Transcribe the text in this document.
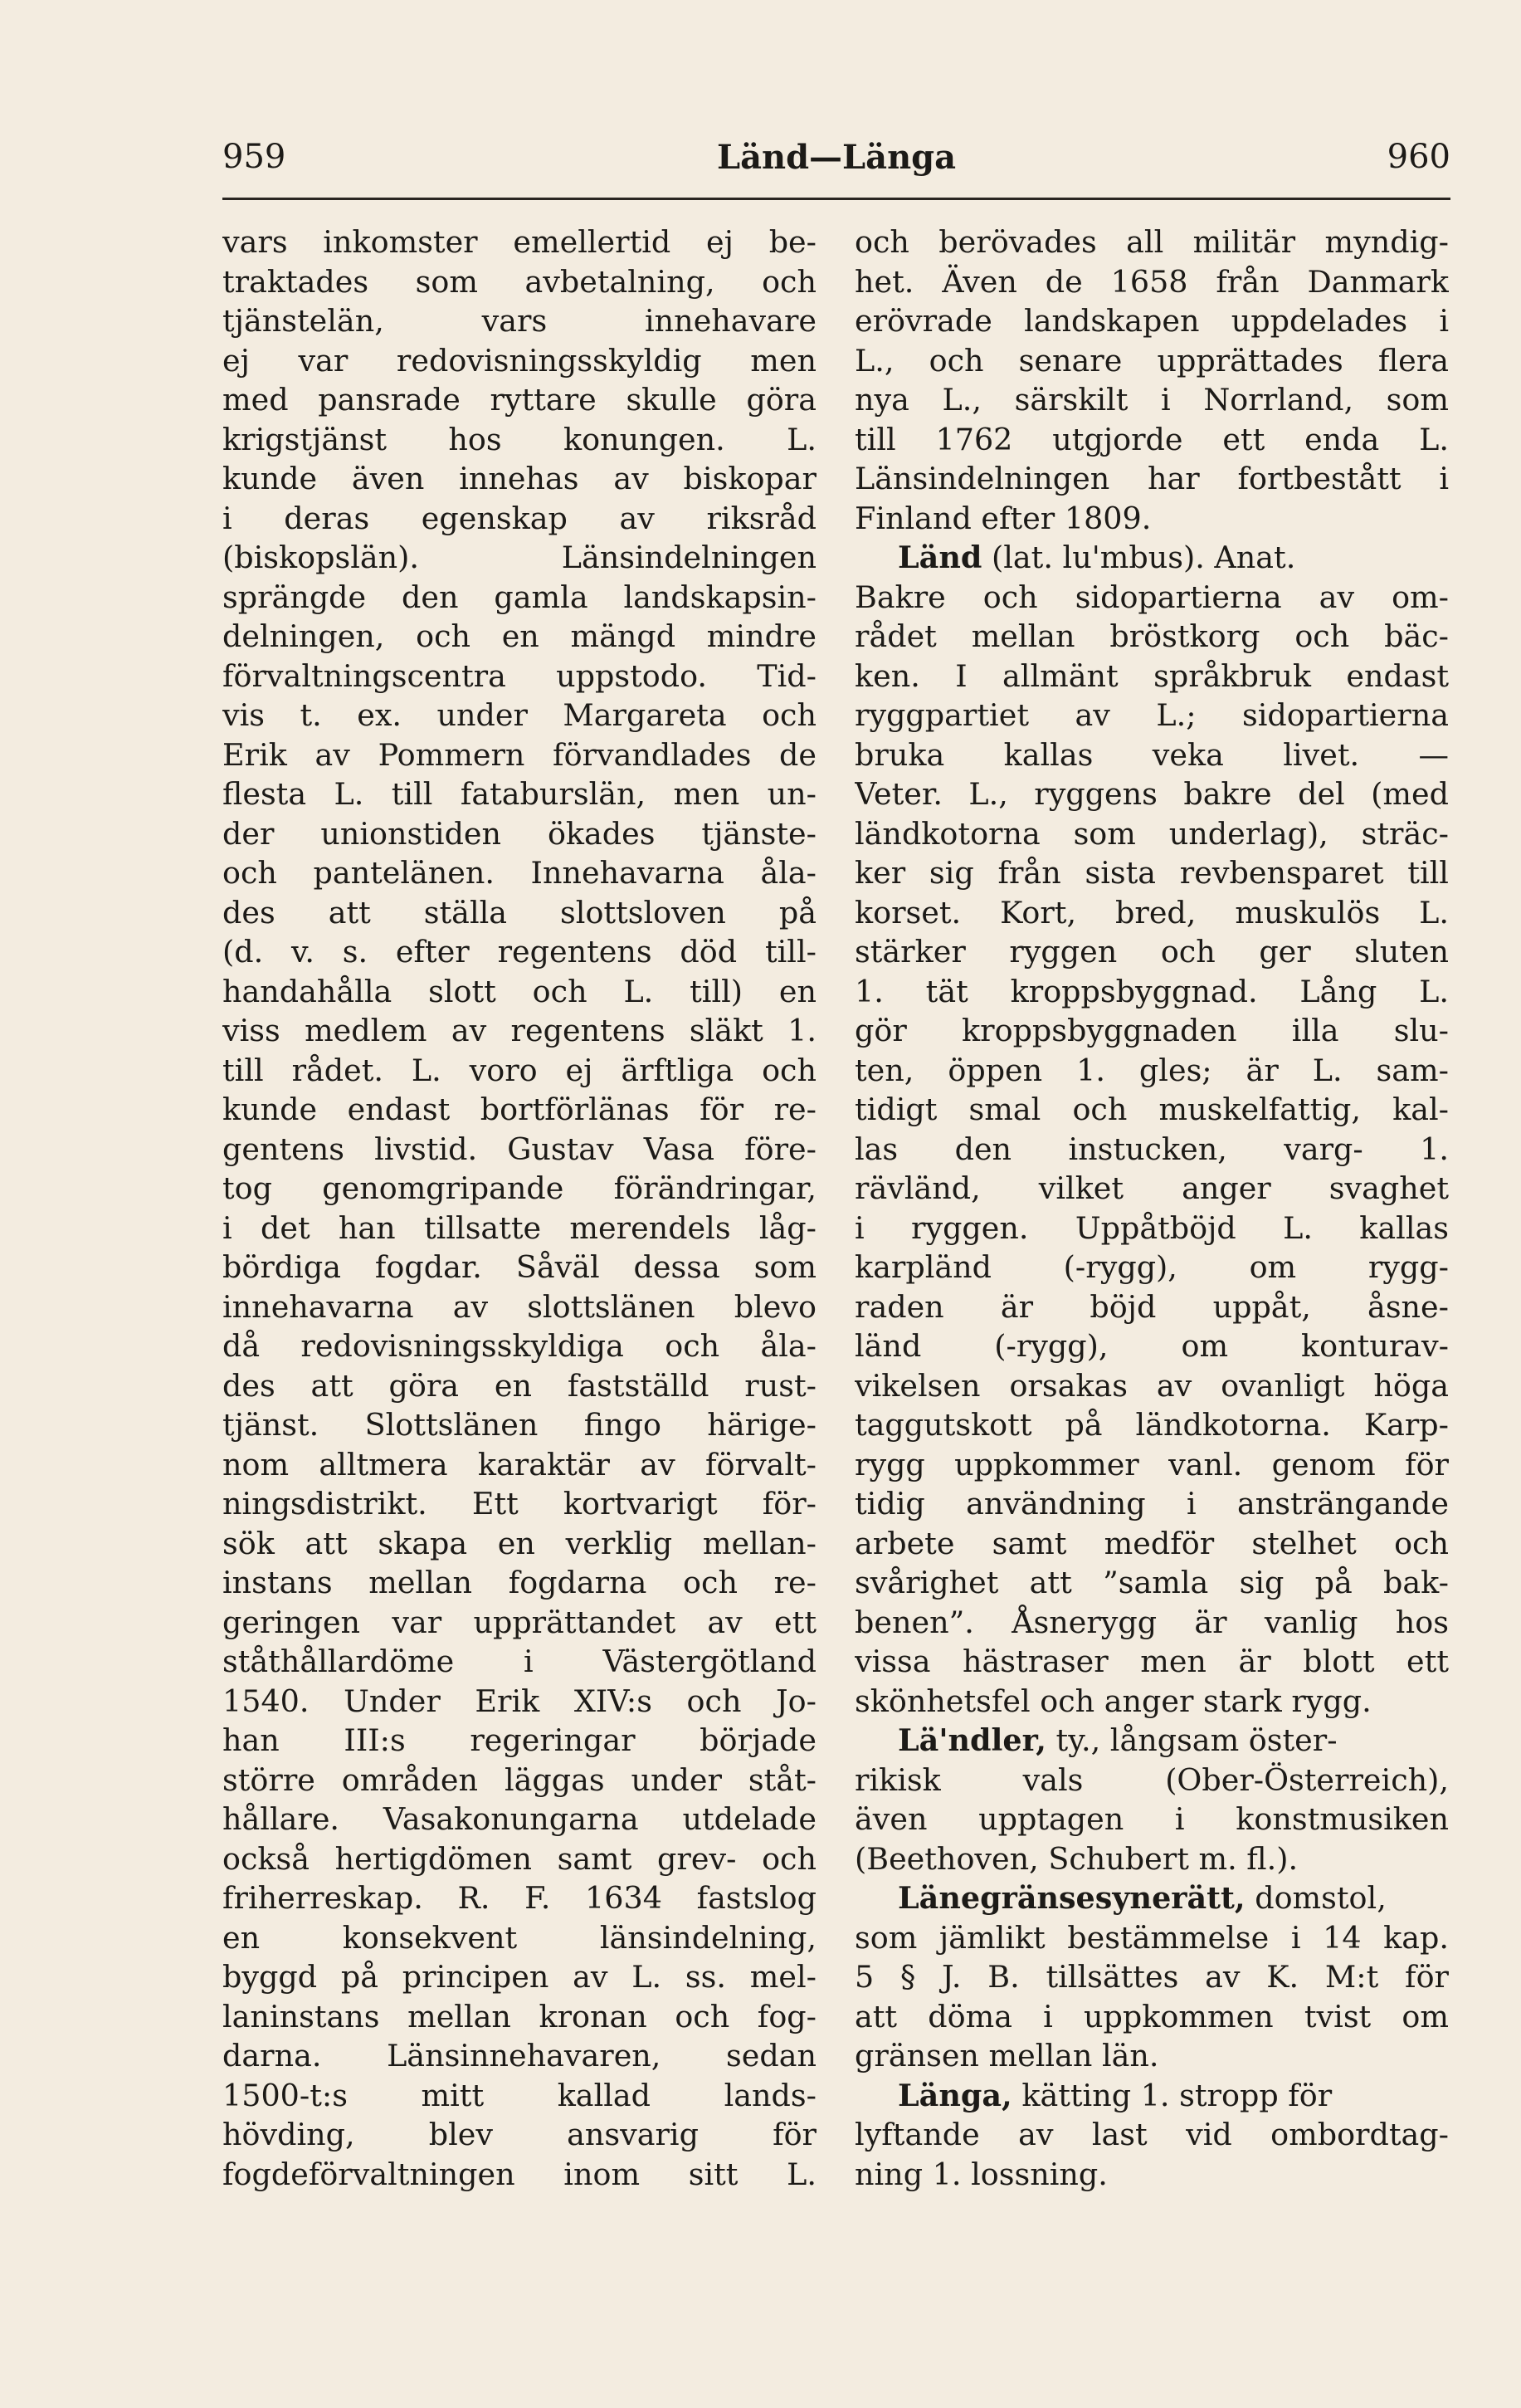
959	Länd—Länga	960
vars inkomster emellertid ej be-
traktades som avbetalning, och
tjänstelän, vars innehavare
ej var redovisningsskyldig men
med pansrade ryttare skulle göra
krigstjänst hos konungen. L.
kunde även innehas av biskopar
i deras egenskap av riksråd
(biskopslän). Länsindelningen
sprängde den gamla landskapsin-
delningen, och en mängd mindre
förvaltningscentra uppstodo. Tid-
vis t. ex. under Margareta och
Erik av Pommern förvandlades de
flesta L. till fataburslän, men un-
der unionstiden ökades tjänste-
och pantelänen. Innehavarna åla-
des att ställa slottsloven på
(d. v. s. efter regentens död till-
handahålla slott och L. till) en
viss medlem av regentens släkt 1.
till rådet. L. voro ej ärftliga och
kunde endast bortförlänas för re-
gentens livstid. Gustav Vasa före-
tog genomgripande förändringar,
i det han tillsatte merendels låg-
bördiga fogdar. Såväl dessa som
innehavarna av slottslänen blevo
då redovisningsskyldiga och åla-
des att göra en fastställd rust-
tjänst. Slottslänen fingo härige-
nom alltmera karaktär av förvalt-
ningsdistrikt. Ett kortvarigt för-
sök att skapa en verklig mellan-
instans mellan fogdarna och re-
geringen var upprättandet av ett
ståthållardöme i Västergötland
1540. Under Erik XIV:s och Jo-
han III:s regeringar började
större områden läggas under ståt-
hållare. Vasakonungarna utdelade
också hertigdömen samt grev- och
friherreskap. R. F. 1634 fastslog
en konsekvent länsindelning,
byggd på principen av L. ss. mel-
laninstans mellan kronan och fog-
darna. Länsinnehavaren, sedan
1500-t:s mitt kallad lands-
hövding, blev ansvarig för
fogdeförvaltningen inom sitt L.
och berövades all militär myndig-
het. Även de 1658 från Danmark
erövrade landskapen uppdelades i
L., och senare upprättades flera
nya L., särskilt i Norrland, som
till 1762 utgjorde ett enda L.
Länsindelningen har fortbestått i
Finland efter 1809.
Länd (lat. lu'mbus). Anat.
Bakre och sidopartierna av om-
rådet mellan bröstkorg och bäc-
ken. I allmänt språkbruk endast
ryggpartiet av L.; sidopartierna
bruka kallas veka livet. —
Veter. L., ryggens bakre del (med
ländkotorna som underlag), sträc-
ker sig från sista revbensparet till
korset. Kort, bred, muskulös L.
stärker ryggen och ger sluten
1. tät kroppsbyggnad. Lång L.
gör kroppsbyggnaden illa slu-
ten, öppen 1. gles; är L. sam-
tidigt smal och muskelfattig, kal-
las den instucken, varg- 1.
rävländ, vilket anger svaghet
i ryggen. Uppåtböjd L. kallas
karpländ (-rygg), om rygg-
raden är böjd uppåt, åsne-
länd (-rygg), om konturav-
vikelsen orsakas av ovanligt höga
taggutskott på ländkotorna. Karp-
rygg uppkommer vanl. genom för
tidig användning i ansträngande
arbete samt medför stelhet och
svårighet att ”samla sig på bak-
benen”. Åsnerygg är vanlig hos
vissa hästraser men är blott ett
skönhetsfel och anger stark rygg.
Lä'ndler, ty., långsam öster-
rikisk vals (Ober-Österreich),
även upptagen i konstmusiken
(Beethoven, Schubert m. fl.).
Länegränsesynerätt, domstol,
som jämlikt bestämmelse i 14 kap.
5 § J. B. tillsättes av K. M:t för
att döma i uppkommen tvist om
gränsen mellan län.
Länga, kätting 1. stropp för
lyftande av last vid ombordtag-
ning 1. lossning.
